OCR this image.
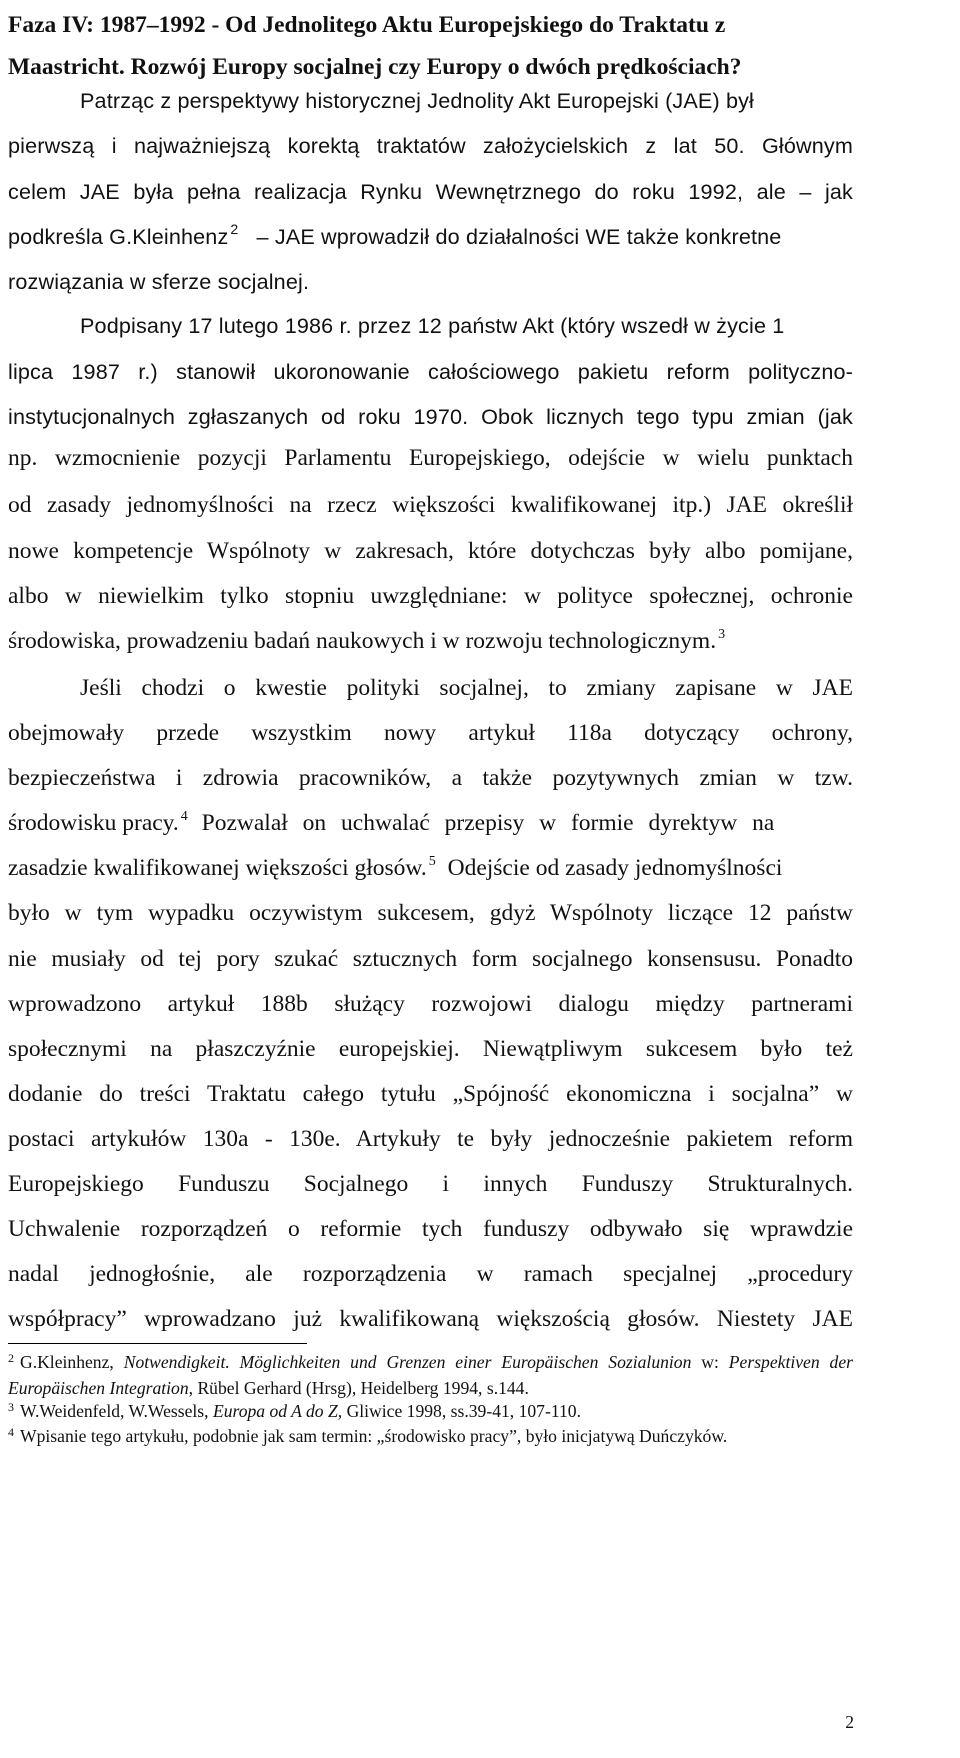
Faza IV: 1987–1992 - Od Jednolitego Aktu Europejskiego do Traktatu z
Maastricht. Rozwój Europy socjalnej czy Europy o dwóch prędkościach?
Patrząc z perspektywy historycznej Jednolity Akt Europejski (JAE) był
pierwszą i najważniejszą korektą traktatów założycielskich z lat 50. Głównym
celem JAE była pełna realizacja Rynku Wewnętrznego do roku 1992, ale – jak
podkreśla G.Kleinhenz $^2$ – JAE wprowadził do działalności WE także konkretne
rozwiązania w sferze socjalnej.
Podpisany 17 lutego 1986 r. przez 12 państw Akt (który wszedł w życie 1
lipca 1987 r.) stanowił ukoronowanie całościowego pakietu reform polityczno-
instytucjonalnych zgłaszanych od roku 1970. Obok licznych tego typu zmian (jak
np. wzmocnienie pozycji Parlamentu Europejskiego, odejście w wielu punktach
od zasady jednomyślności na rzecz większości kwalifikowanej itp.) JAE określił
nowe kompetencje Wspólnoty w zakresach, które dotychczas były albo pomijane,
albo w niewielkim tylko stopniu uwzględniane: w polityce społecznej, ochronie
środowiska, prowadzeniu badań naukowych i w rozwoju technologicznym. $^3$
Jeśli chodzi o kwestie polityki socjalnej, to zmiany zapisane w JAE
obejmowały przede wszystkim nowy artykuł 118a dotyczący ochrony,
bezpieczeństwa i zdrowia pracowników, a także pozytywnych zmian w tzw.
środowisku pracy. $^4$ Pozwalał on uchwalać przepisy w formie dyrektyw na
zasadzie kwalifikowanej większości głosów. $^5$ Odejście od zasady jednomyślności
było w tym wypadku oczywistym sukcesem, gdyż Wspólnoty liczące 12 państw
nie musiały od tej pory szukać sztucznych form socjalnego konsensusu. Ponadto
wprowadzono artykuł 188b służący rozwojowi dialogu między partnerami
społecznymi na płaszczyźnie europejskiej. Niewątpliwym sukcesem było też
dodanie do treści Traktatu całego tytułu „Spójność ekonomiczna i socjalna” w
postaci artykułów 130a - 130e. Artykuły te były jednocześnie pakietem reform
Europejskiego Funduszu Socjalnego i innych Funduszy Strukturalnych.
Uchwalenie rozporządzeń o reformie tych funduszy odbywało się wprawdzie
nadal jednogłośnie, ale rozporządzenia w ramach specjalnej „procedury
współpracy” wprowadzano już kwalifikowaną większością głosów. Niestety JAE
$^2$ G.Kleinhenz, Notwendigkeit. Möglichkeiten und Grenzen einer Europäischen Sozialunion w: Perspektiven der Europäischen Integration, Rübel Gerhard (Hrsg), Heidelberg 1994, s.144.
$^3$ W.Weidenfeld, W.Wessels, Europa od A do Z, Gliwice 1998, ss.39-41, 107-110.
$^4$ Wpisanie tego artykułu, podobnie jak sam termin: „środowisko pracy”, było inicjatywą Duńczyków.
2
